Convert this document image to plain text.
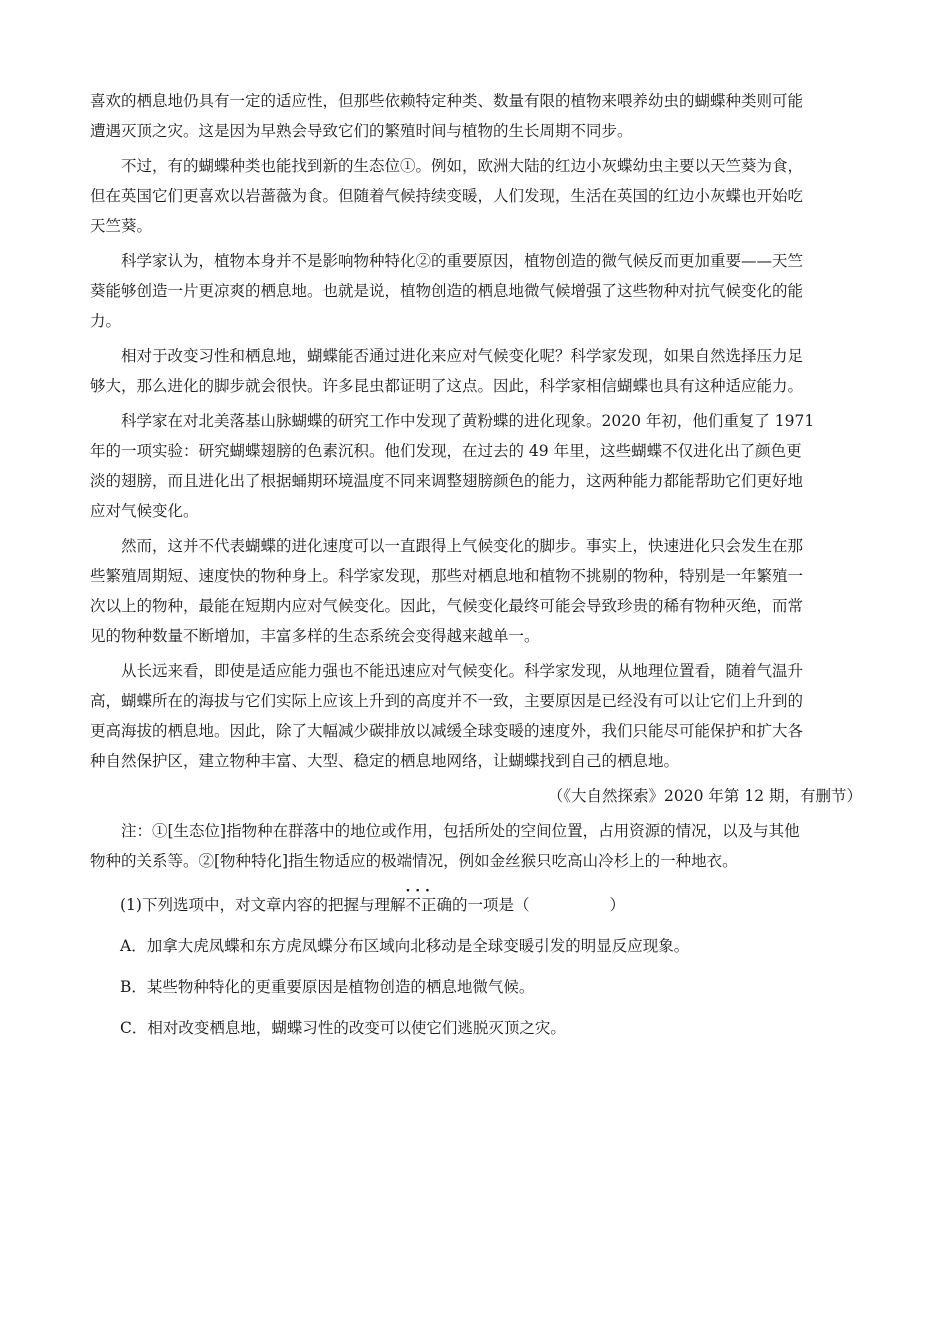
喜欢的栖息地仍具有一定的适应性，但那些依赖特定种类、数量有限的植物来喂养幼虫的蝴蝶种类则可能
遭遇灭顶之灾。这是因为早熟会导致它们的繁殖时间与植物的生长周期不同步。
不过，有的蝴蝶种类也能找到新的生态位①。例如，欧洲大陆的红边小灰蝶幼虫主要以天竺葵为食，
但在英国它们更喜欢以岩蔷薇为食。但随着气候持续变暖，人们发现，生活在英国的红边小灰蝶也开始吃
天竺葵。
科学家认为，植物本身并不是影响物种特化②的重要原因，植物创造的微气候反而更加重要——天竺
葵能够创造一片更凉爽的栖息地。也就是说，植物创造的栖息地微气候增强了这些物种对抗气候变化的能
力。
相对于改变习性和栖息地，蝴蝶能否通过进化来应对气候变化呢？科学家发现，如果自然选择压力足
够大，那么进化的脚步就会很快。许多昆虫都证明了这点。因此，科学家相信蝴蝶也具有这种适应能力。
科学家在对北美落基山脉蝴蝶的研究工作中发现了黄粉蝶的进化现象。2020 年初，他们重复了 1971
年的一项实验：研究蝴蝶翅膀的色素沉积。他们发现，在过去的 49 年里，这些蝴蝶不仅进化出了颜色更
淡的翅膀，而且进化出了根据蛹期环境温度不同来调整翅膀颜色的能力，这两种能力都能帮助它们更好地
应对气候变化。
然而，这并不代表蝴蝶的进化速度可以一直跟得上气候变化的脚步。事实上，快速进化只会发生在那
些繁殖周期短、速度快的物种身上。科学家发现，那些对栖息地和植物不挑剔的物种，特别是一年繁殖一
次以上的物种，最能在短期内应对气候变化。因此，气候变化最终可能会导致珍贵的稀有物种灭绝，而常
见的物种数量不断增加，丰富多样的生态系统会变得越来越单一。
从长远来看，即使是适应能力强也不能迅速应对气候变化。科学家发现，从地理位置看，随着气温升
高，蝴蝶所在的海拔与它们实际上应该上升到的高度并不一致，主要原因是已经没有可以让它们上升到的
更高海拔的栖息地。因此，除了大幅减少碳排放以减缓全球变暖的速度外，我们只能尽可能保护和扩大各
种自然保护区，建立物种丰富、大型、稳定的栖息地网络，让蝴蝶找到自己的栖息地。
（《大自然探索》2020 年第 12 期，有删节）
注：①[生态位]指物种在群落中的地位或作用，包括所处的空间位置，占用资源的情况，以及与其他
物种的关系等。②[物种特化]指生物适应的极端情况，例如金丝猴只吃高山冷杉上的一种地衣。
(1)下列选项中，对文章内容的把握与理解· · · 不正确的一项是（	）
A．加拿大虎凤蝶和东方虎凤蝶分布区域向北移动是全球变暖引发的明显反应现象。
B．某些物种特化的更重要原因是植物创造的栖息地微气候。
C．相对改变栖息地，蝴蝶习性的改变可以使它们逃脱灭顶之灾。
